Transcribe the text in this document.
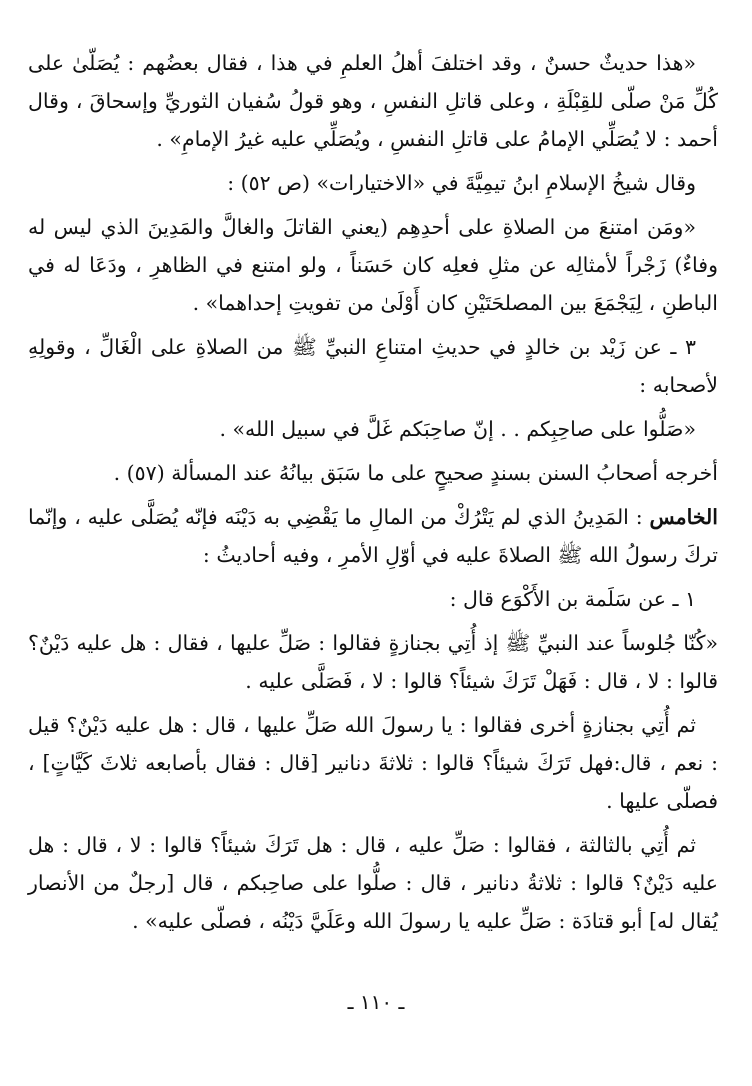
«هذا حديثٌ حسنٌ ، وقد اختلفَ أهلُ العلمِ في هذا ، فقال بعضُهم : يُصَلّىٰ على كُلِّ مَنْ صلّى للقِبْلَةِ ، وعلى قاتلِ النفسِ ، وهو قولُ سُفيان الثوريِّ وإسحاقَ ، وقال أحمد : لا يُصَلِّي الإمامُ على قاتلِ النفسِ ، ويُصَلِّي عليه غيرُ الإمامِ» .

وقال شيخُ الإسلامِ ابنُ تيمِيَّةَ في «الاختيارات» (ص ٥٢) :

«ومَن امتنعَ من الصلاةِ على أحدِهِم (يعني القاتلَ والغالَّ والمَدِينَ الذي ليس له وفاءٌ) زَجْراً لأمثالِه عن مثلِ فعلِه كان حَسَناً ، ولو امتنع في الظاهرِ ، ودَعَا له في الباطنِ ، لِيَجْمَعَ بين المصلحَتَيْنِ كان أَوْلَىٰ من تفويتِ إحداهما» .

٣ ـ عن زَيْد بن خالدٍ في حديثِ امتناعِ النبيِّ ﷺ من الصلاةِ على الْغَالِّ ، وقولِهِ لأصحابه :

«صَلُّوا على صاحِبِكم . . إنّ صاحِبَكم غَلَّ في سبيل الله» .

أخرجه أصحابُ السنن بسندٍ صحيحٍ على ما سَبَق بيانُهُ عند المسألة (٥٧) .

الخامس : المَدِينُ الذي لم يَتْرُكْ من المالِ ما يَقْضِي به دَيْنَه فإنّه يُصَلَّى عليه ، وإنّما تركَ رسولُ الله ﷺ الصلاةَ عليه في أوّلِ الأمرِ ، وفيه أحاديثُ :

١ ـ عن سَلَمة بن الأَكْوَع قال :

«كُنّا جُلوساً عند النبيِّ ﷺ إذ أُتِي بجنازةٍ فقالوا : صَلِّ عليها ، فقال : هل عليه دَيْنٌ؟ قالوا : لا ، قال : فَهَلْ تَرَكَ شيئاً؟ قالوا : لا ، فَصَلَّى عليه .

ثم أُتِي بجنازةٍ أخرى فقالوا : يا رسولَ الله صَلِّ عليها ، قال : هل عليه دَيْنٌ؟ قيل : نعم ، قال:فهل تَرَكَ شيئاً؟ قالوا : ثلاثةَ دنانير [قال : فقال بأصابعه ثلاثَ كَيَّاتٍ] ، فصلّى عليها .

ثم أُتِي بالثالثة ، فقالوا : صَلِّ عليه ، قال : هل تَرَكَ شيئاً؟ قالوا : لا ، قال : هل عليه دَيْنٌ؟ قالوا : ثلاثةُ دنانير ، قال : صلُّوا على صاحِبكم ، قال [رجلٌ من الأنصار يُقال له] أبو قتادَة : صَلِّ عليه يا رسولَ الله وعَلَيَّ دَيْنُه ، فصلّى عليه» .

ـ ١١٠ ـ
